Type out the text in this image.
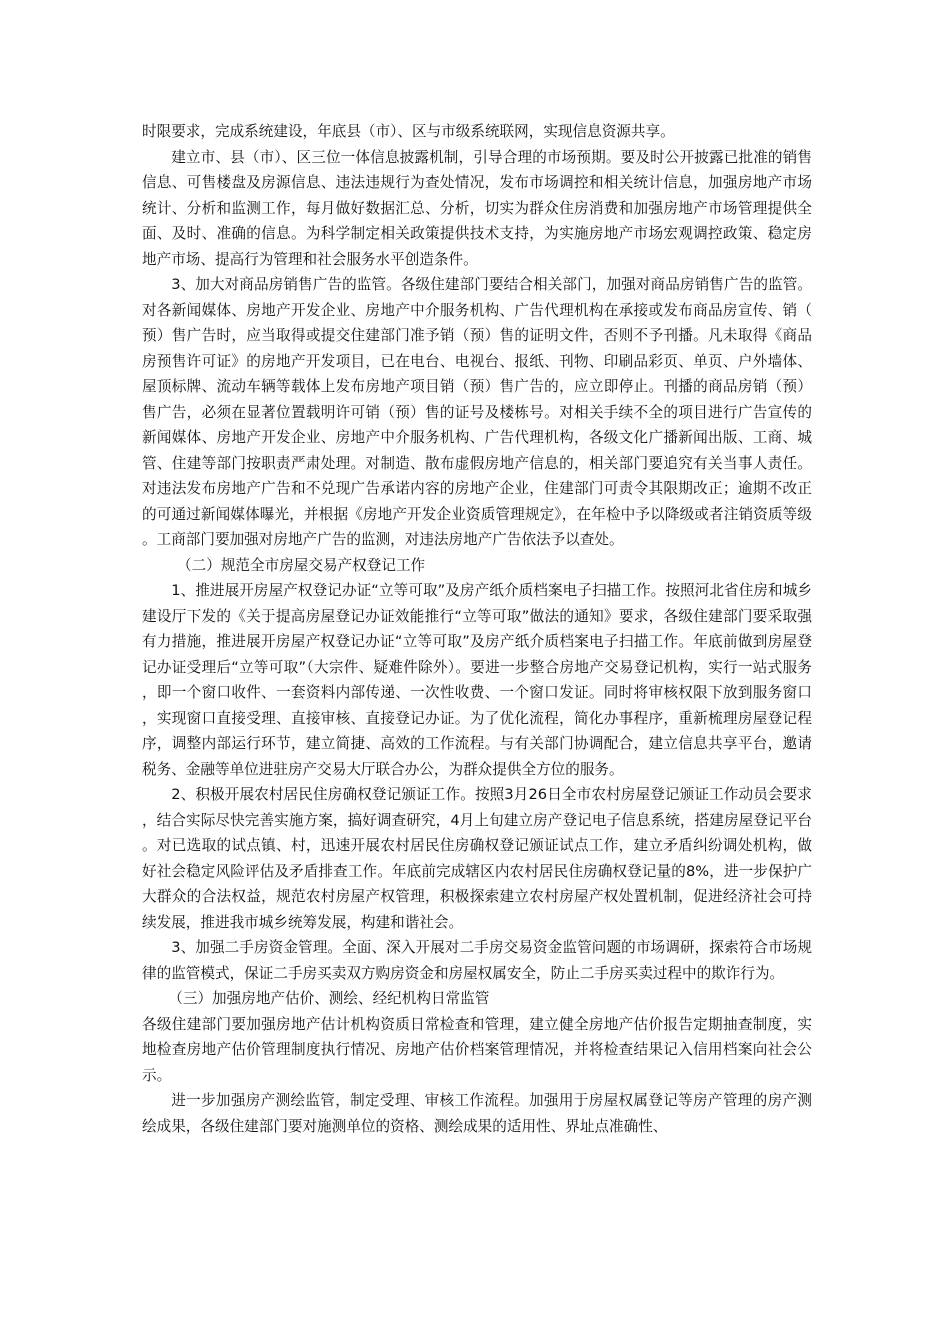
时限要求，完成系统建设，年底县（市）、区与市级系统联网，实现信息资源共享。

建立市、县（市）、区三位一体信息披露机制，引导合理的市场预期。要及时公开披露已批准的销售信息、可售楼盘及房源信息、违法违规行为查处情况，发布市场调控和相关统计信息，加强房地产市场统计、分析和监测工作，每月做好数据汇总、分析，切实为群众住房消费和加强房地产市场管理提供全面、及时、准确的信息。为科学制定相关政策提供技术支持，为实施房地产市场宏观调控政策、稳定房地产市场、提高行为管理和社会服务水平创造条件。

3、加大对商品房销售广告的监管。各级住建部门要结合相关部门，加强对商品房销售广告的监管。对各新闻媒体、房地产开发企业、房地产中介服务机构、广告代理机构在承接或发布商品房宣传、销（预）售广告时，应当取得或提交住建部门准予销（预）售的证明文件，否则不予刊播。凡未取得《商品房预售许可证》的房地产开发项目，已在电台、电视台、报纸、刊物、印刷品彩页、单页、户外墙体、屋顶标牌、流动车辆等载体上发布房地产项目销（预）售广告的，应立即停止。刊播的商品房销（预）售广告，必须在显著位置载明许可销（预）售的证号及楼栋号。对相关手续不全的项目进行广告宣传的新闻媒体、房地产开发企业、房地产中介服务机构、广告代理机构，各级文化广播新闻出版、工商、城管、住建等部门按职责严肃处理。对制造、散布虚假房地产信息的，相关部门要追究有关当事人责任。对违法发布房地产广告和不兑现广告承诺内容的房地产企业，住建部门可责令其限期改正；逾期不改正的可通过新闻媒体曝光，并根据《房地产开发企业资质管理规定》，在年检中予以降级或者注销资质等级。工商部门要加强对房地产广告的监测，对违法房地产广告依法予以查处。

（二）规范全市房屋交易产权登记工作

1、推进展开房屋产权登记办证“立等可取”及房产纸介质档案电子扫描工作。按照河北省住房和城乡建设厅下发的《关于提高房屋登记办证效能推行“立等可取”做法的通知》要求，各级住建部门要采取强有力措施，推进展开房屋产权登记办证“立等可取”及房产纸介质档案电子扫描工作。年底前做到房屋登记办证受理后“立等可取”（大宗件、疑难件除外）。要进一步整合房地产交易登记机构，实行一站式服务，即一个窗口收件、一套资料内部传递、一次性收费、一个窗口发证。同时将审核权限下放到服务窗口，实现窗口直接受理、直接审核、直接登记办证。为了优化流程，简化办事程序，重新梳理房屋登记程序，调整内部运行环节，建立简捷、高效的工作流程。与有关部门协调配合，建立信息共享平台，邀请税务、金融等单位进驻房产交易大厅联合办公，为群众提供全方位的服务。

2、积极开展农村居民住房确权登记颁证工作。按照3月26日全市农村房屋登记颁证工作动员会要求，结合实际尽快完善实施方案，搞好调查研究，4月上旬建立房产登记电子信息系统，搭建房屋登记平台。对已选取的试点镇、村，迅速开展农村居民住房确权登记颁证试点工作，建立矛盾纠纷调处机构，做好社会稳定风险评估及矛盾排查工作。年底前完成辖区内农村居民住房确权登记量的8%，进一步保护广大群众的合法权益，规范农村房屋产权管理，积极探索建立农村房屋产权处置机制，促进经济社会可持续发展，推进我市城乡统筹发展，构建和谐社会。

3、加强二手房资金管理。全面、深入开展对二手房交易资金监管问题的市场调研，探索符合市场规律的监管模式，保证二手房买卖双方购房资金和房屋权属安全，防止二手房买卖过程中的欺诈行为。

（三）加强房地产估价、测绘、经纪机构日常监管

各级住建部门要加强房地产估计机构资质日常检查和管理，建立健全房地产估价报告定期抽查制度，实地检查房地产估价管理制度执行情况、房地产估价档案管理情况，并将检查结果记入信用档案向社会公示。

进一步加强房产测绘监管，制定受理、审核工作流程。加强用于房屋权属登记等房产管理的房产测绘成果，各级住建部门要对施测单位的资格、测绘成果的适用性、界址点准确性、
